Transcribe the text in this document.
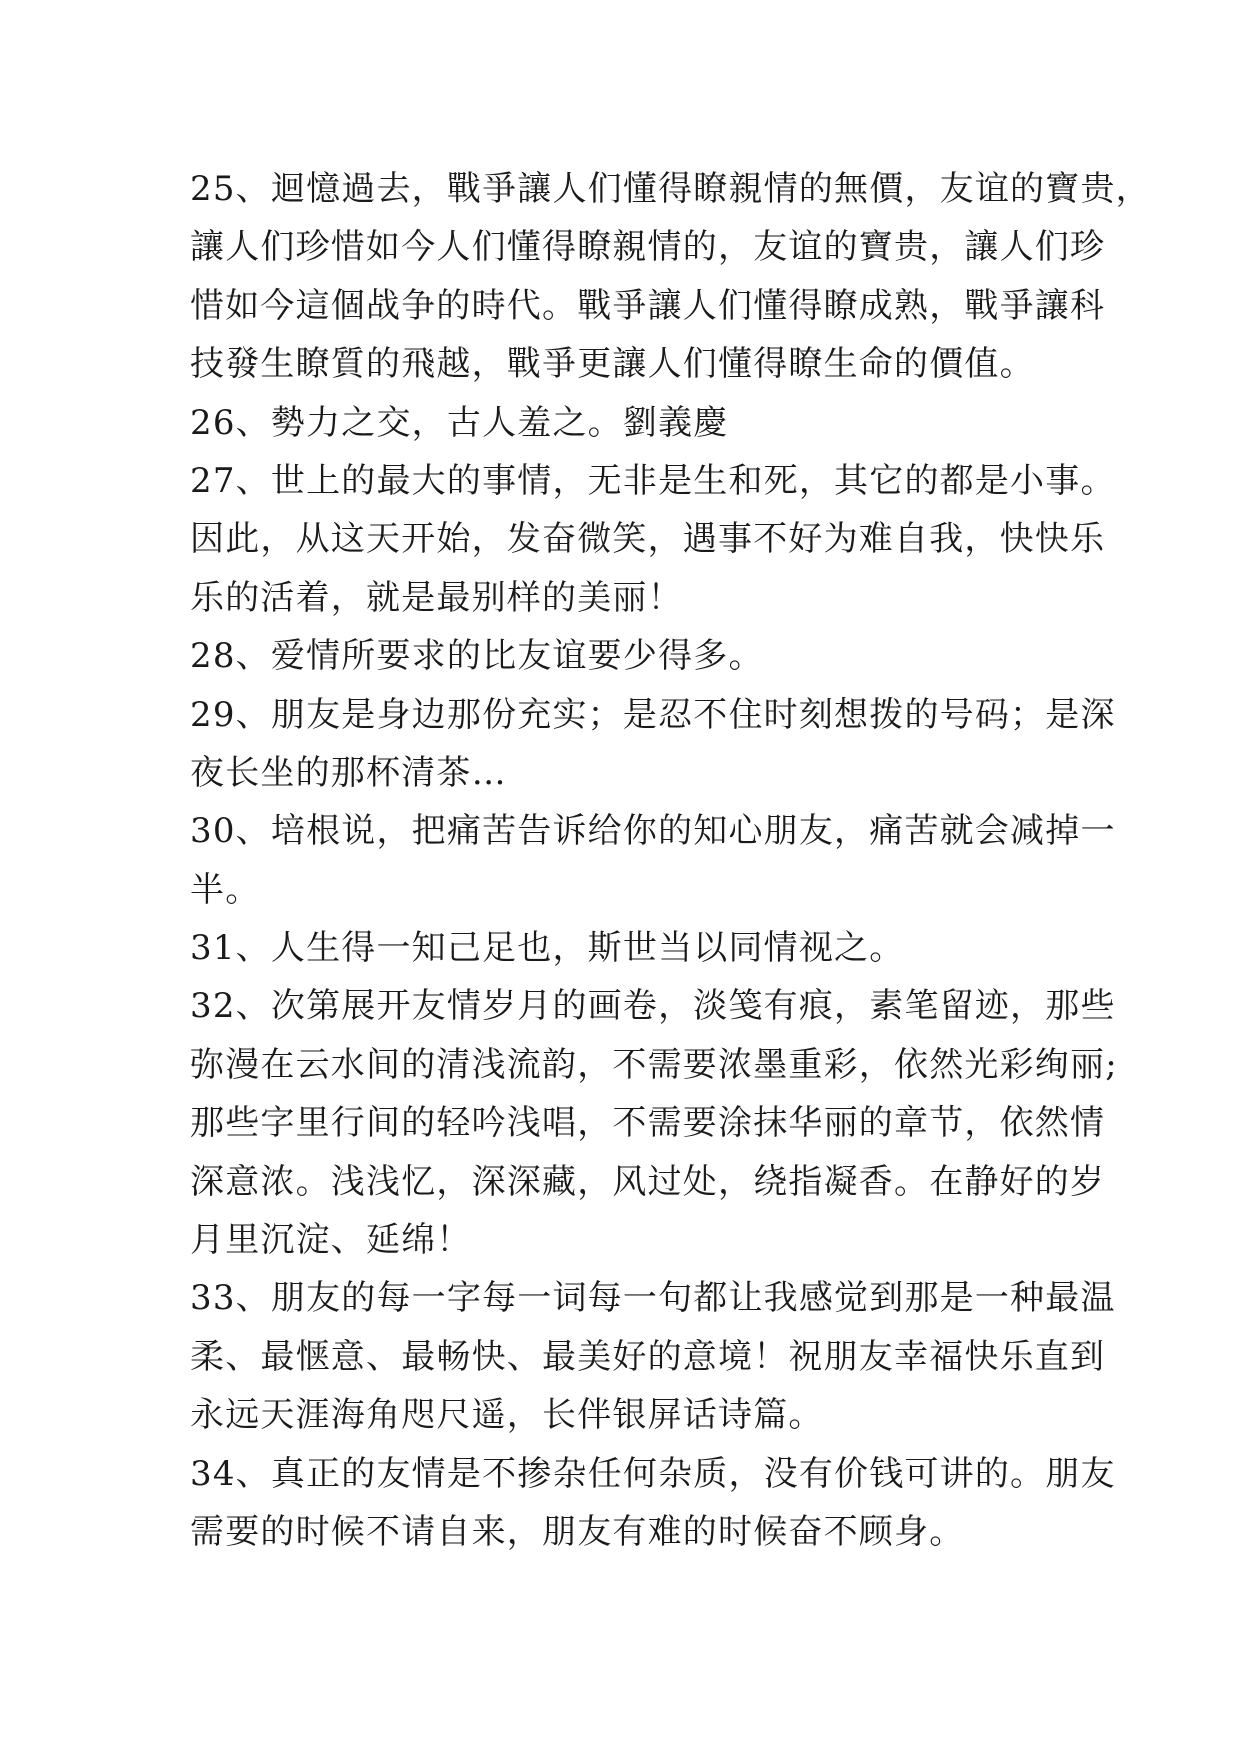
25、迴憶過去，戰爭讓人们懂得瞭親情的無價，友谊的寶贵，
讓人们珍惜如今人们懂得瞭親情的，友谊的寶贵，讓人们珍
惜如今這個战争的時代。戰爭讓人们懂得瞭成熟，戰爭讓科
技發生瞭質的飛越，戰爭更讓人们懂得瞭生命的價值。
26、勢力之交，古人羞之。劉義慶
27、世上的最大的事情，无非是生和死，其它的都是小事。
因此，从这天开始，发奋微笑，遇事不好为难自我，快快乐
乐的活着，就是最别样的美丽！
28、爱情所要求的比友谊要少得多。
29、朋友是身边那份充实；是忍不住时刻想拨的号码；是深
夜长坐的那杯清茶…
30、培根说，把痛苦告诉给你的知心朋友，痛苦就会减掉一
半。
31、人生得一知己足也，斯世当以同情视之。
32、次第展开友情岁月的画卷，淡笺有痕，素笔留迹，那些
弥漫在云水间的清浅流韵，不需要浓墨重彩，依然光彩绚丽;
那些字里行间的轻吟浅唱，不需要涂抹华丽的章节，依然情
深意浓。浅浅忆，深深藏，风过处，绕指凝香。在静好的岁
月里沉淀、延绵！
33、朋友的每一字每一词每一句都让我感觉到那是一种最温
柔、最惬意、最畅快、最美好的意境！祝朋友幸福快乐直到
永远天涯海角咫尺遥，长伴银屏话诗篇。
34、真正的友情是不掺杂任何杂质，没有价钱可讲的。朋友
需要的时候不请自来，朋友有难的时候奋不顾身。
